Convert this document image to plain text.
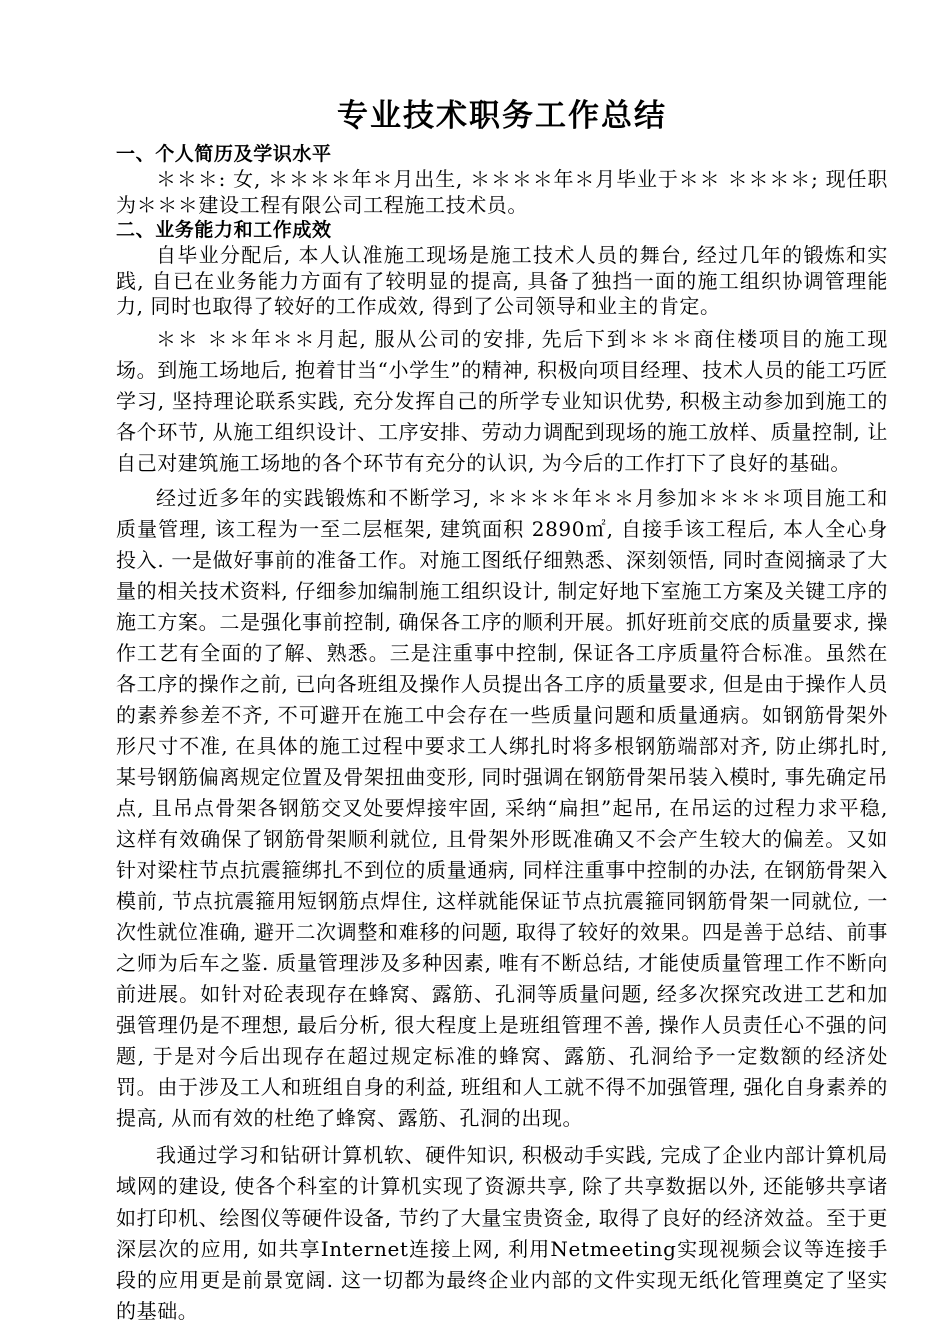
专业技术职务工作总结
一、个人简历及学识水平

＊＊＊: 女, ＊＊＊＊年＊月出生, ＊＊＊＊年＊月毕业于＊＊ ＊＊＊＊; 现任职为＊＊＊建设工程有限公司工程施工技术员。

二、业务能力和工作成效

自毕业分配后, 本人认准施工现场是施工技术人员的舞台, 经过几年的锻炼和实践, 自已在业务能力方面有了较明显的提高, 具备了独挡一面的施工组织协调管理能力, 同时也取得了较好的工作成效, 得到了公司领导和业主的肯定。

＊＊ ＊＊年＊＊月起, 服从公司的安排, 先后下到＊＊＊商住楼项目的施工现场。到施工场地后, 抱着甘当“小学生”的精神, 积极向项目经理、技术人员的能工巧匠学习, 坚持理论联系实践, 充分发挥自己的所学专业知识优势, 积极主动参加到施工的各个环节, 从施工组织设计、工序安排、劳动力调配到现场的施工放样、质量控制, 让自己对建筑施工场地的各个环节有充分的认识, 为今后的工作打下了良好的基础。

经过近多年的实践锻炼和不断学习, ＊＊＊＊年＊＊月参加＊＊＊＊项目施工和质量管理, 该工程为一至二层框架, 建筑面积 2890㎡, 自接手该工程后, 本人全心身投入. 一是做好事前的准备工作。对施工图纸仔细熟悉、深刻领悟, 同时查阅摘录了大量的相关技术资料, 仔细参加编制施工组织设计, 制定好地下室施工方案及关键工序的施工方案。二是强化事前控制, 确保各工序的顺利开展。抓好班前交底的质量要求, 操作工艺有全面的了解、熟悉。三是注重事中控制, 保证各工序质量符合标准。虽然在各工序的操作之前, 已向各班组及操作人员提出各工序的质量要求, 但是由于操作人员的素养参差不齐, 不可避开在施工中会存在一些质量问题和质量通病。如钢筋骨架外形尺寸不准, 在具体的施工过程中要求工人绑扎时将多根钢筋端部对齐, 防止绑扎时, 某号钢筋偏离规定位置及骨架扭曲变形, 同时强调在钢筋骨架吊装入模时, 事先确定吊点, 且吊点骨架各钢筋交叉处要焊接牢固, 采纳“扁担”起吊, 在吊运的过程力求平稳, 这样有效确保了钢筋骨架顺利就位, 且骨架外形既准确又不会产生较大的偏差。又如针对梁柱节点抗震箍绑扎不到位的质量通病, 同样注重事中控制的办法, 在钢筋骨架入模前, 节点抗震箍用短钢筋点焊住, 这样就能保证节点抗震箍同钢筋骨架一同就位, 一次性就位准确, 避开二次调整和难移的问题, 取得了较好的效果。四是善于总结、前事之师为后车之鉴. 质量管理涉及多种因素, 唯有不断总结, 才能使质量管理工作不断向前进展。如针对砼表现存在蜂窝、露筋、孔洞等质量问题, 经多次探究改进工艺和加强管理仍是不理想, 最后分析, 很大程度上是班组管理不善, 操作人员责任心不强的问题, 于是对今后出现存在超过规定标准的蜂窝、露筋、孔洞给予一定数额的经济处罚。由于涉及工人和班组自身的利益, 班组和人工就不得不加强管理, 强化自身素养的提高, 从而有效的杜绝了蜂窝、露筋、孔洞的出现。

我通过学习和钻研计算机软、硬件知识, 积极动手实践, 完成了企业内部计算机局域网的建设, 使各个科室的计算机实现了资源共享, 除了共享数据以外, 还能够共享诸如打印机、绘图仪等硬件设备, 节约了大量宝贵资金, 取得了良好的经济效益。至于更深层次的应用, 如共享Internet连接上网, 利用Netmeeting实现视频会议等连接手段的应用更是前景宽阔. 这一切都为最终企业内部的文件实现无纸化管理奠定了坚实的基础。
